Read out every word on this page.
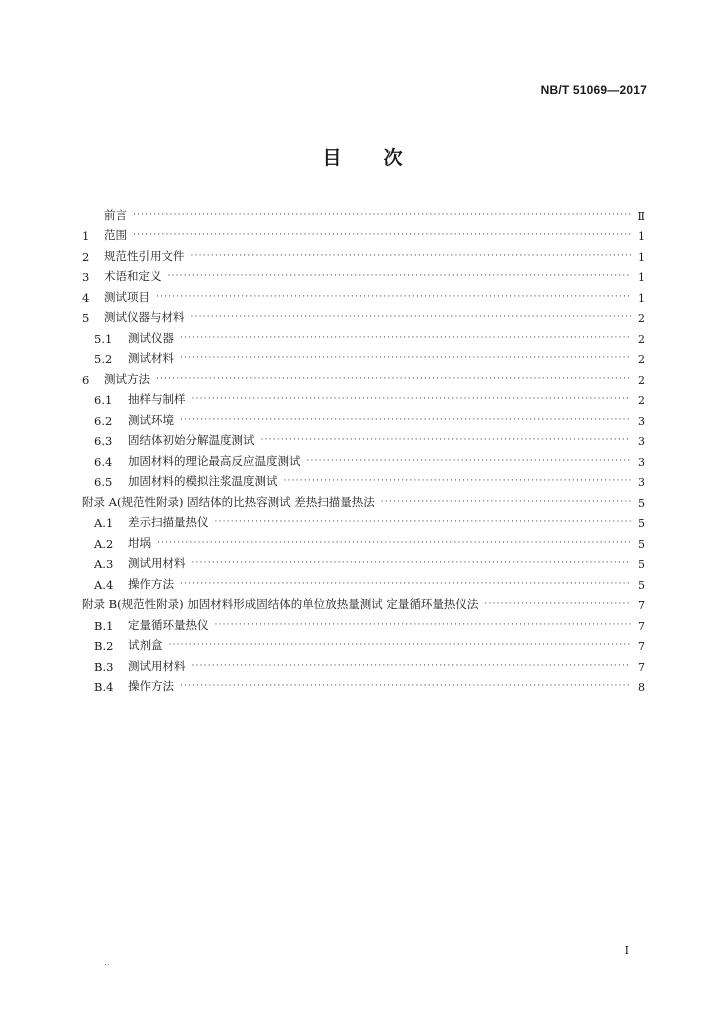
NB/T 51069—2017
目 次
前言 ·····	Ⅱ
1	范围 ·····	1
2	规范性引用文件 ·····	1
3	术语和定义 ·····	1
4	测试项目 ·····	1
5	测试仪器与材料 ·····	2
5.1	测试仪器 ·····	2
5.2	测试材料 ·····	2
6	测试方法 ·····	2
6.1	抽样与制样 ·····	2
6.2	测试环境 ·····	3
6.3	固结体初始分解温度测试 ·····	3
6.4	加固材料的理论最高反应温度测试 ·····	3
6.5	加固材料的模拟注浆温度测试 ·····	3
附录 A(规范性附录) 固结体的比热容测试 差热扫描量热法 ·····	5
A.1	差示扫描量热仪 ·····	5
A.2	坩埚 ·····	5
A.3	测试用材料 ·····	5
A.4	操作方法 ·····	5
附录 B(规范性附录) 加固材料形成固结体的单位放热量测试 定量循环量热仪法 ·····	7
B.1	定量循环量热仪 ·····	7
B.2	试剂盒 ·····	7
B.3	测试用材料 ·····	7
B.4	操作方法 ·····	8
I
..
